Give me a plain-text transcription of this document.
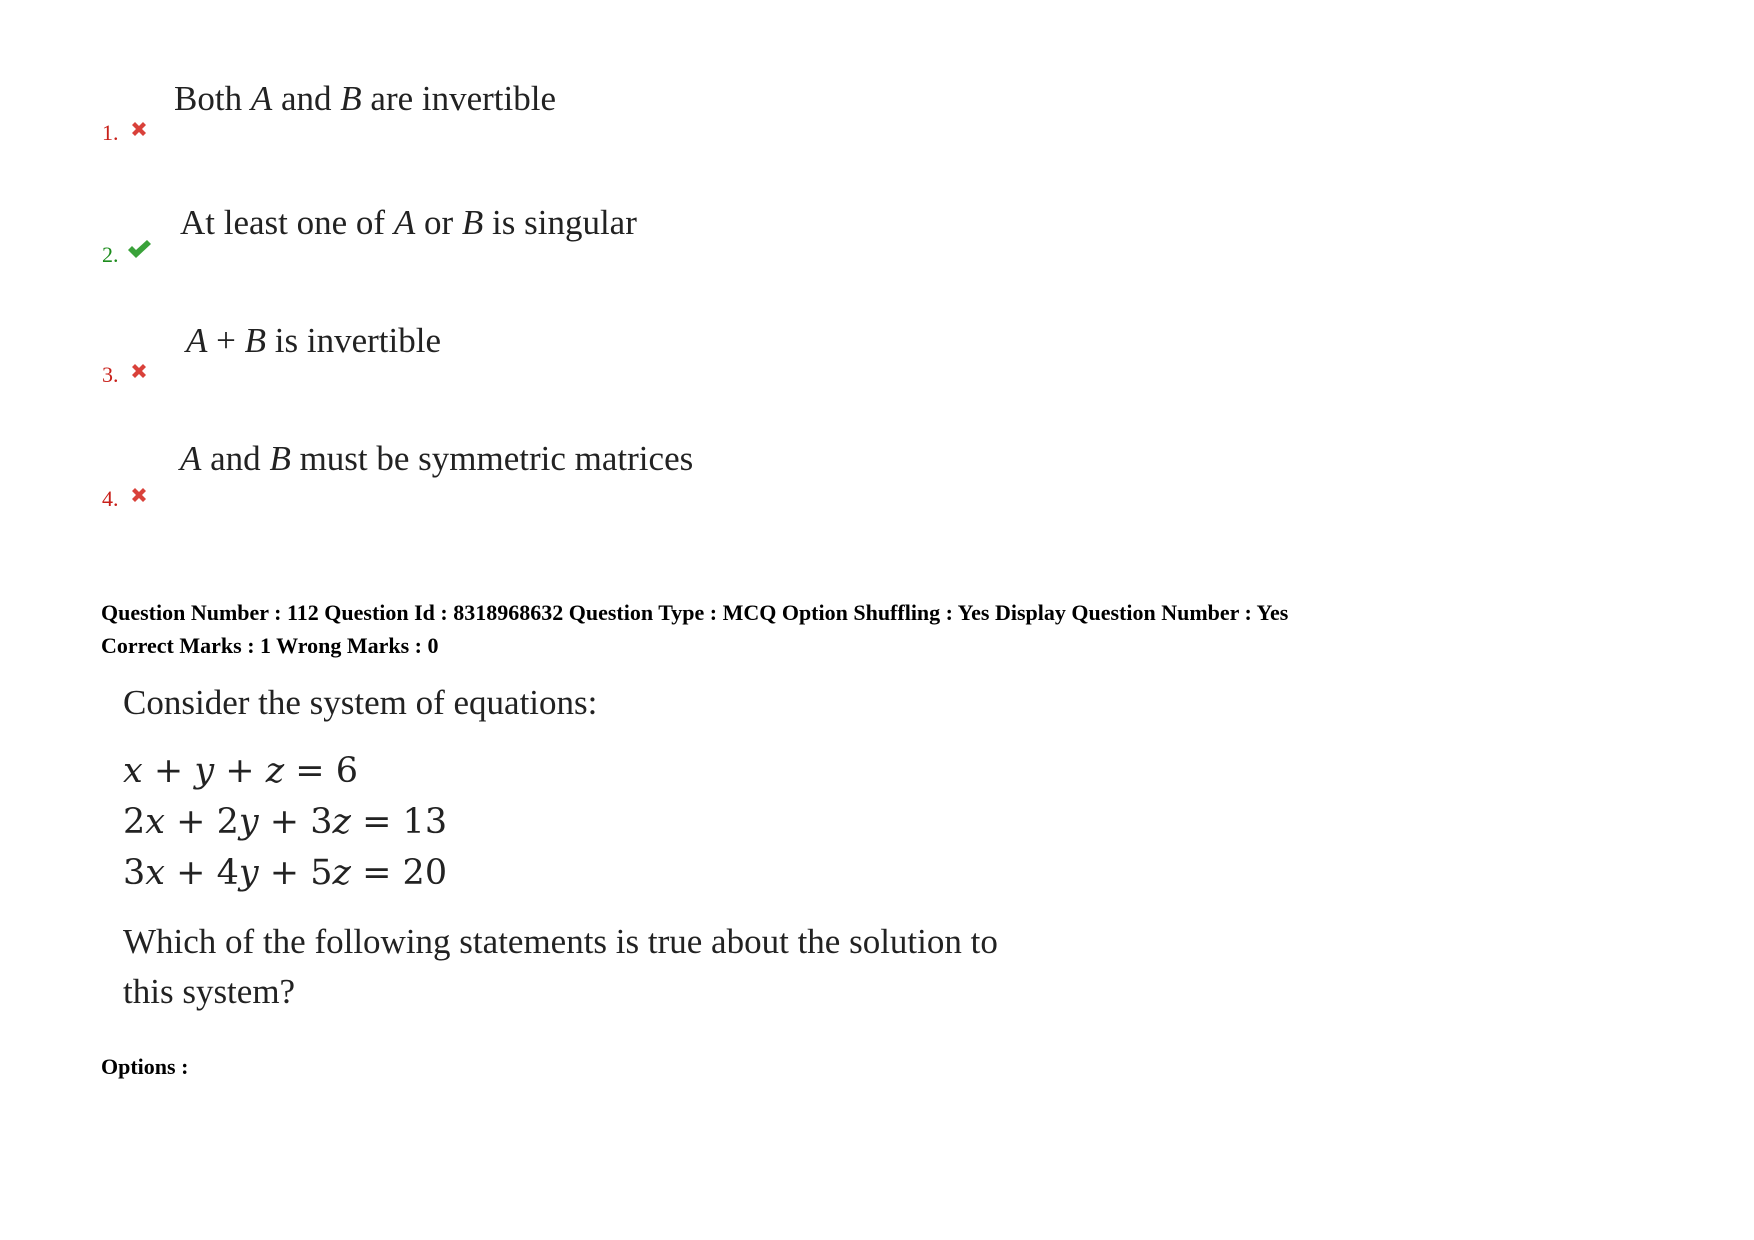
1.
Both A and B are invertible
2.
At least one of A or B is singular
3.
A + B is invertible
4.
A and B must be symmetric matrices
Question Number : 112 Question Id : 8318968632 Question Type : MCQ Option Shuffling : Yes Display Question Number : Yes
Correct Marks : 1 Wrong Marks : 0
Consider the system of equations:
x + y + z = 6
2x + 2y + 3z = 13
3x + 4y + 5z = 20
Which of the following statements is true about the solution to
this system?
Options :
